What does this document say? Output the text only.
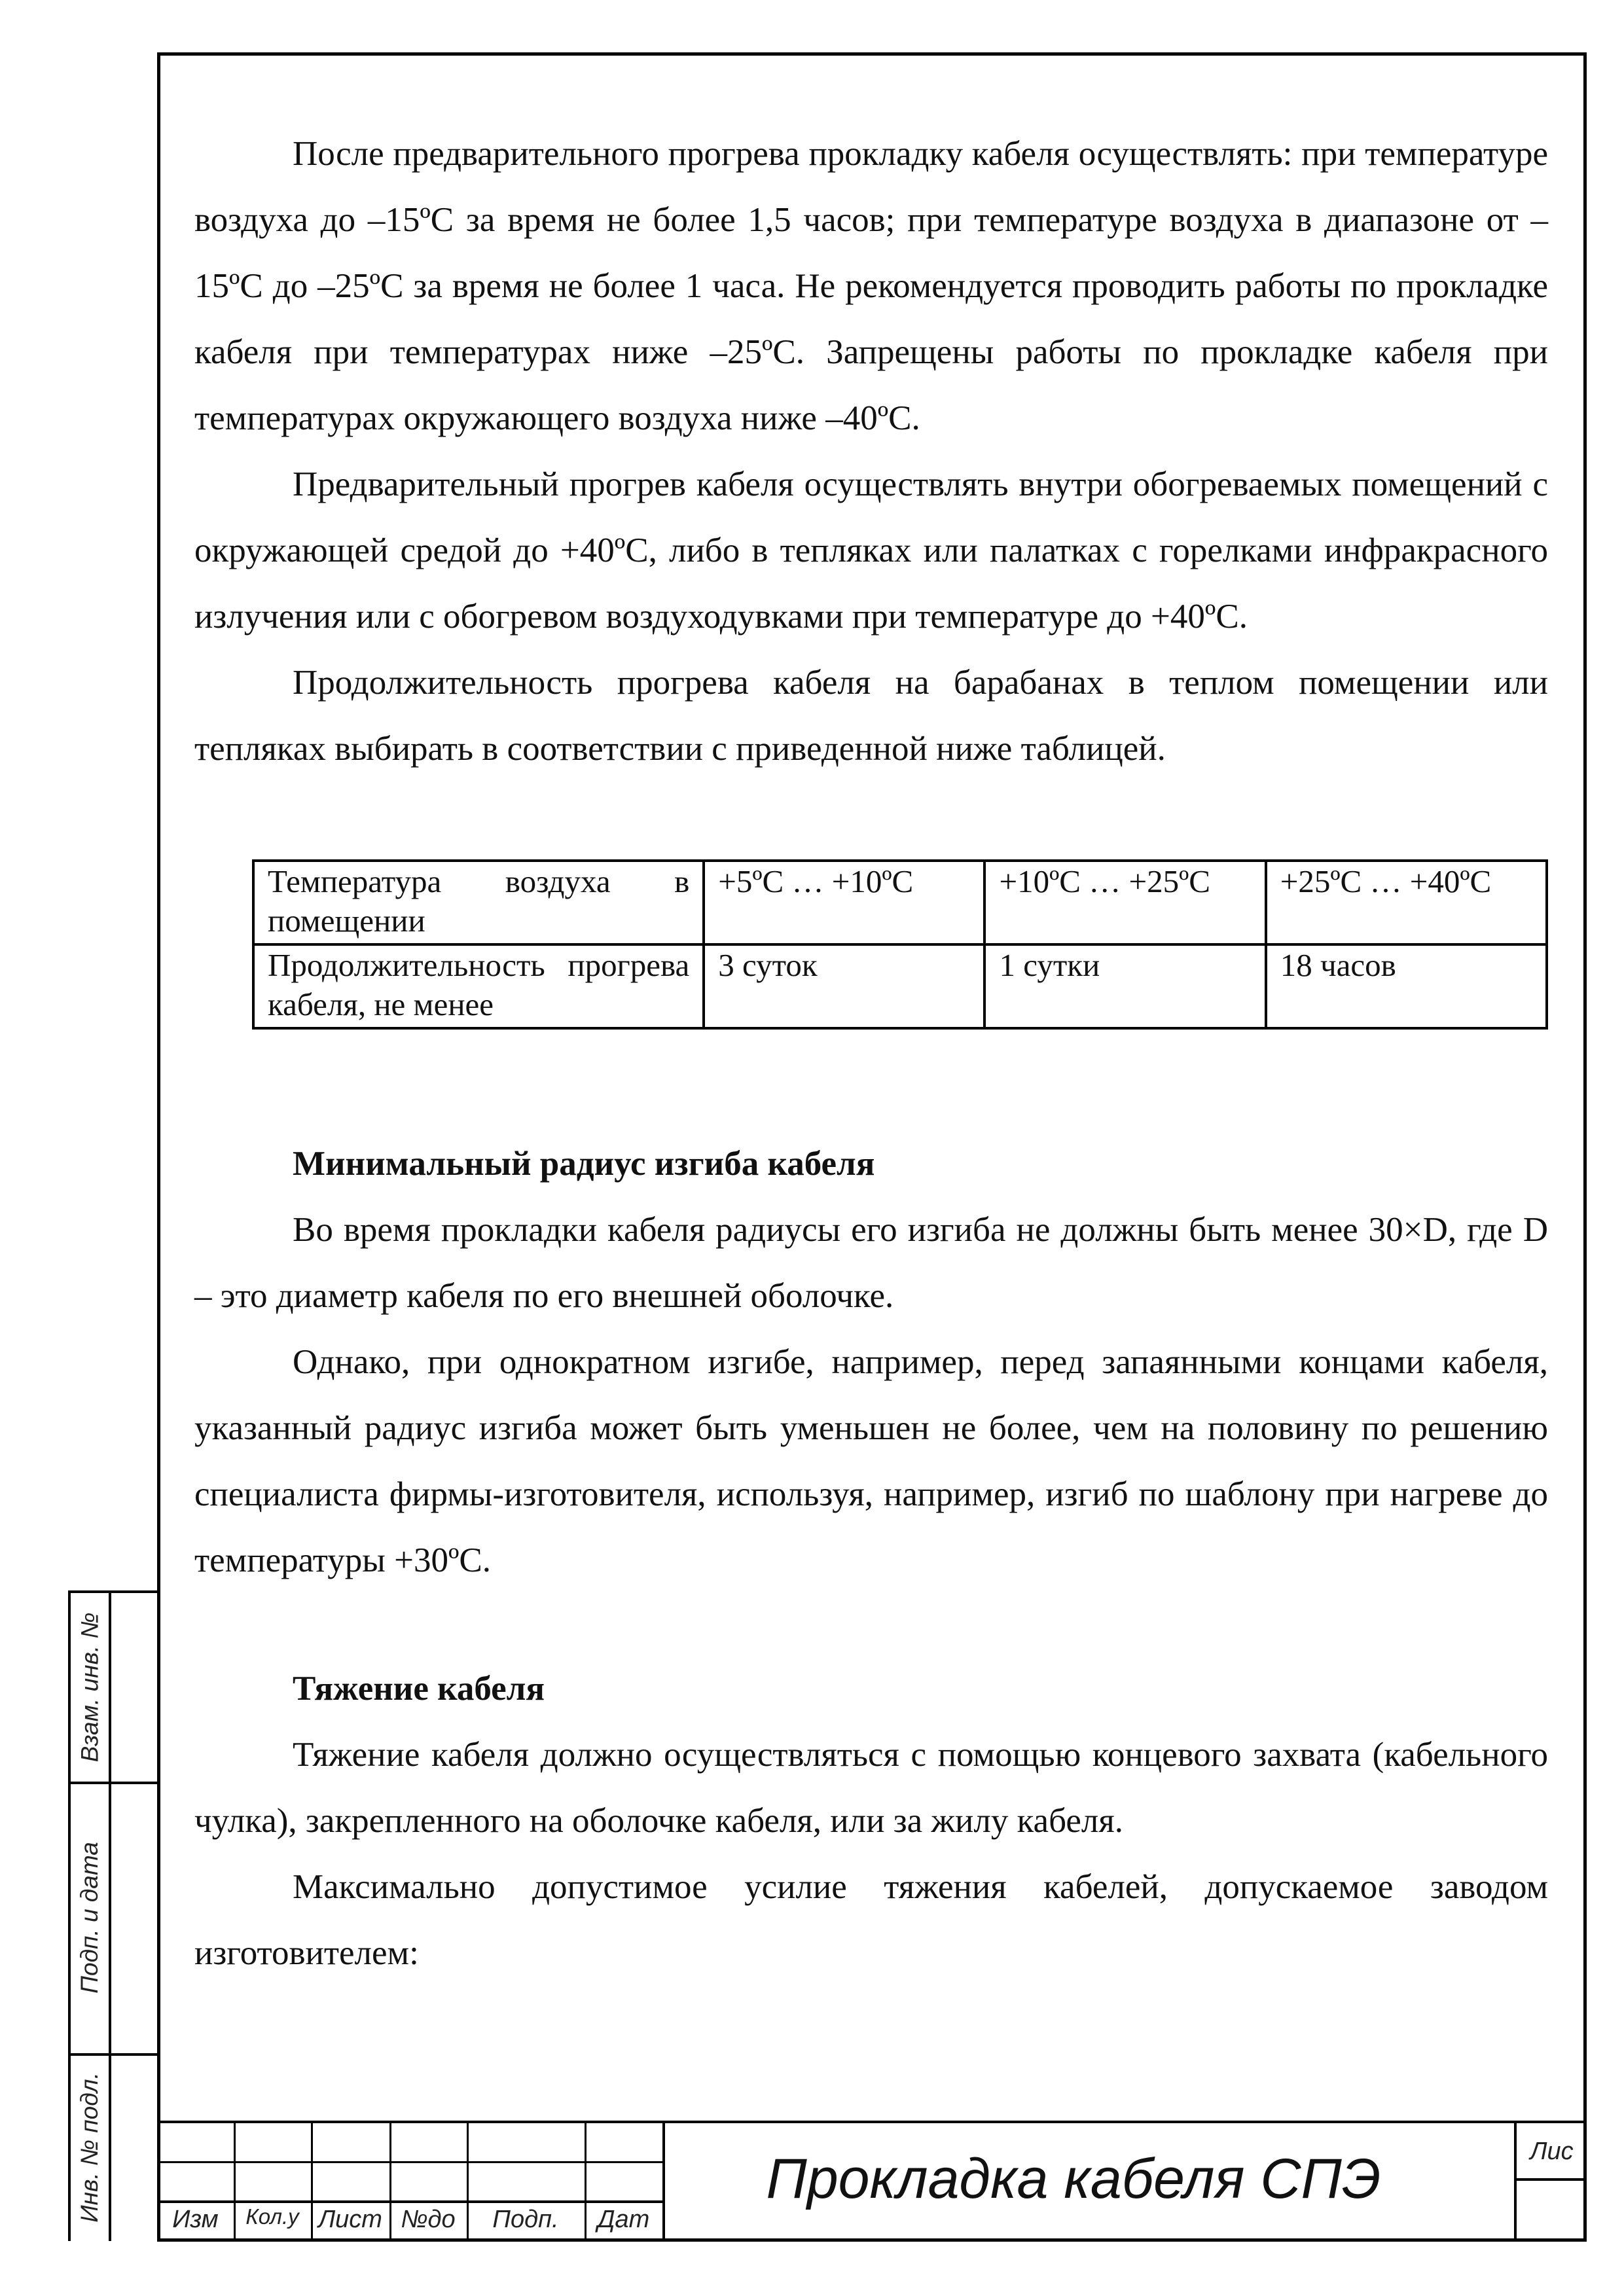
После предварительного прогрева прокладку кабеля осуществлять: при температуре воздуха до –15ºС за время не более 1,5 часов; при температуре воздуха в диапазоне от –15ºС до –25ºС за время не более 1 часа. Не рекомендуется проводить работы по прокладке кабеля при температурах ниже –25ºС. Запрещены работы по прокладке кабеля при температурах окружающего воздуха ниже –40ºС.

Предварительный прогрев кабеля осуществлять внутри обогреваемых помещений с окружающей средой до +40ºС, либо в тепляках или палатках с горелками инфракрасного излучения или с обогревом воздуходувками при температуре до +40ºС.

Продолжительность прогрева кабеля на барабанах в теплом помещении или тепляках выбирать в соответствии с приведенной ниже таблицей.

Температура воздуха в помещении	+5ºС … +10ºС	+10ºС … +25ºС	+25ºС … +40ºС
Продолжительность прогрева кабеля, не менее	3 суток	1 сутки	18 часов
Минимальный радиус изгиба кабеля

Во время прокладки кабеля радиусы его изгиба не должны быть менее 30×D, где D – это диаметр кабеля по его внешней оболочке.

Однако, при однократном изгибе, например, перед запаянными концами кабеля, указанный радиус изгиба может быть уменьшен не более, чем на половину по решению специалиста фирмы-изготовителя, используя, например, изгиб по шаблону при нагреве до температуры +30ºС.

Тяжение кабеля

Тяжение кабеля должно осуществляться с помощью концевого захвата (кабельного чулка), закрепленного на оболочке кабеля, или за жилу кабеля.

Максимально допустимое усилие тяжения кабелей, допускаемое заводом изготовителем:

Взам. инв. №
Подп. и дата
Инв. № подл.	Изм	Кол.у Лист №до	Подп.	Дат
Прокладка кабеля СПЭ	Лис
